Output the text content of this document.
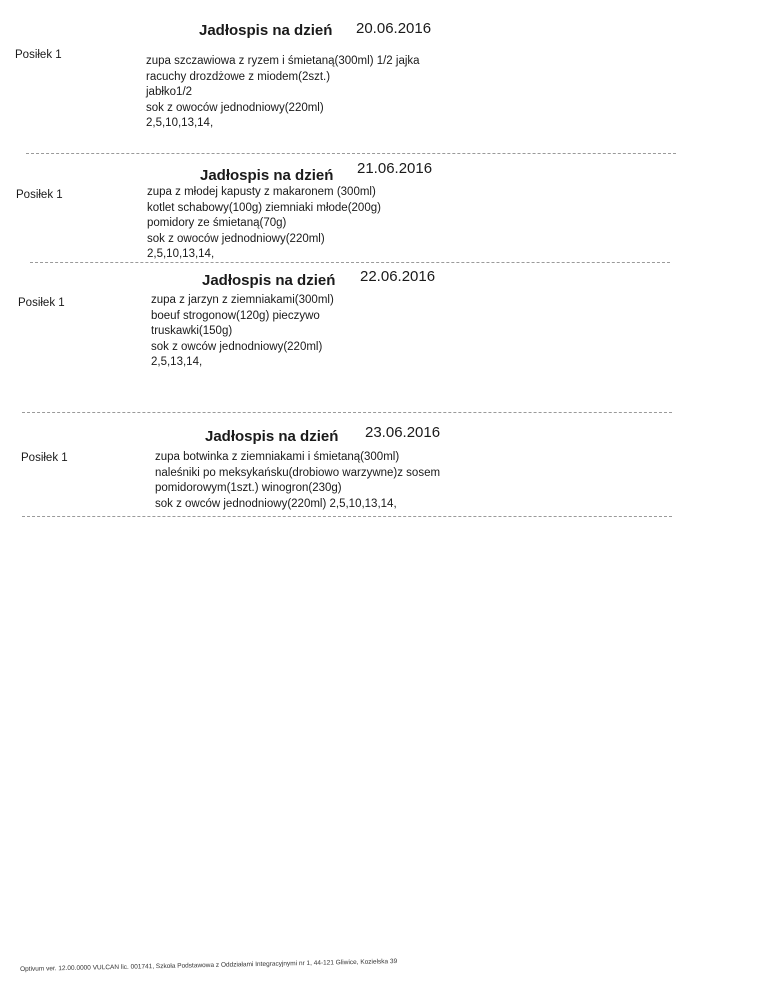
Jadłospis na dzień 20.06.2016
Posiłek 1	zupa szczawiowa z ryzem i śmietaną(300ml) 1/2 jajka
racuchy drozdżowe z miodem(2szt.)
jabłko1/2
sok z owoców jednodniowy(220ml)
2,5,10,13,14,
Jadłospis na dzień 21.06.2016
Posiłek 1	zupa z młodej kapusty z makaronem (300ml)
kotlet schabowy(100g) ziemniaki młode(200g)
pomidory ze śmietaną(70g)
sok z owoców jednodniowy(220ml)
2,5,10,13,14,
Jadłospis na dzień 22.06.2016
Posiłek 1	zupa z jarzyn z ziemniakami(300ml)
boeuf strogonow(120g) pieczywo
truskawki(150g)
sok z owców jednodniowy(220ml)
2,5,13,14,
Jadłospis na dzień 23.06.2016
Posiłek 1	zupa botwinka z ziemniakami i śmietaną(300ml)
naleśniki po meksykańsku(drobiowo warzywne)z sosem
pomidorowym(1szt.) winogron(230g)
sok z owców jednodniowy(220ml) 2,5,10,13,14,
Optivum ver. 12.00.0000 VULCAN lic. 001741, Szkoła Podstawowa z Oddziałami Integracyjnymi nr 1, 44-121 Gliwice, Kozielska 39
